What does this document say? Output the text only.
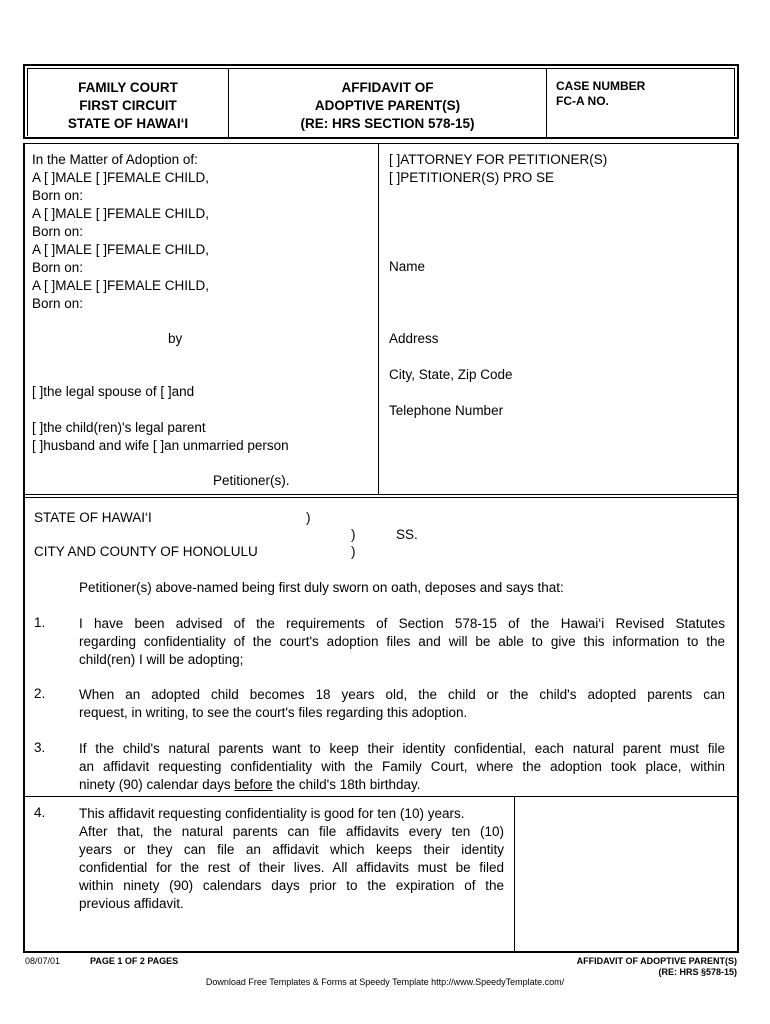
FAMILY COURT
FIRST CIRCUIT
STATE OF HAWAI‘I
AFFIDAVIT OF
ADOPTIVE PARENT(S)
(RE: HRS SECTION 578-15)
CASE NUMBER
FC-A NO.
In the Matter of Adoption of:
A [ ]MALE [ ]FEMALE CHILD,
Born on:
A [ ]MALE [ ]FEMALE CHILD,
Born on:
A [ ]MALE [ ]FEMALE CHILD,
Born on:
A [ ]MALE [ ]FEMALE CHILD,
Born on:
by
[ ]the legal spouse of [ ]and
[ ]the child(ren)'s legal parent
[ ]husband and wife [ ]an unmarried person
Petitioner(s).
[ ]ATTORNEY FOR PETITIONER(S)
[ ]PETITIONER(S) PRO SE
Name
Address
City, State, Zip Code
Telephone Number
STATE OF HAWAI‘I	)
)	SS.
CITY AND COUNTY OF HONOLULU	)
Petitioner(s) above-named being first duly sworn on oath, deposes and says that:
1. I have been advised of the requirements of Section 578-15 of the Hawai‘i Revised Statutes
regarding confidentiality of the court's adoption files and will be able to give this information to the
child(ren) I will be adopting;
2. When an adopted child becomes 18 years old, the child or the child's adopted parents can
request, in writing, to see the court's files regarding this adoption.
3. If the child's natural parents want to keep their identity confidential, each natural parent must file
an affidavit requesting confidentiality with the Family Court, where the adoption took place, within
ninety (90) calendar days before the child's 18th birthday.
4. This affidavit requesting confidentiality is good for ten (10) years.
After that, the natural parents can file affidavits every ten (10)
years or they can file an affidavit which keeps their identity
confidential for the rest of their lives. All affidavits must be filed
within ninety (90) calendars days prior to the expiration of the
previous affidavit.
08/07/01	PAGE 1 OF 2 PAGES	AFFIDAVIT OF ADOPTIVE PARENT(S)
(RE: HRS §578-15)
Download Free Templates & Forms at Speedy Template http://www.SpeedyTemplate.com/
